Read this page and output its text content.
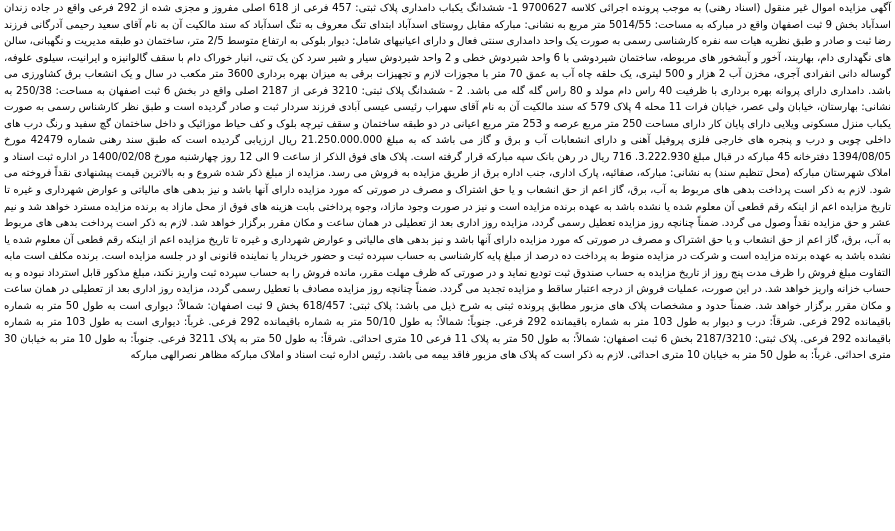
آگهی مزایده اموال غیر منقول (اسناد رهنی) به موجب پرونده اجرائی کلاسه 9700627 1- ششدانگ یکباب دامداری پلاک ثبتی: 457 فرعی از 618 اصلی مفروز و مجزی شده از 292 فرعی واقع در جاده زندان اسدآباد بخش 9 ثبت اصفهان واقع در مبارکه به مساحت: 5014/55 متر مربع به نشانی: مبارکه مقابل روستای اسدآباد ابتدای تنگ معروف به تنگ اسدآباد که سند مالکیت آن به نام آقای سعید رحیمی آدرگانی فرزند رضا ثبت و صادر و طبق نظریه هیات سه نفره کارشناسی رسمی به صورت یک واحد دامداری سنتی فعال و دارای اعیانیهای شامل: دیوار بلوکی به ارتفاع متوسط 2/5 متر، ساختمان دو طبقه مدیریت و نگهبانی، سالن های نگهداری دام، بهاربند، آخور و آبشخور های مربوطه، ساختمان شیردوشی با 6 واحد شیردوش خطی و 2 واحد شیردوش سیار و شیر سرد کن یک تنی، انبار خوراک دام با سقف گالوانیزه و ایرانیت، سیلوی علوفه، گوساله دانی انفرادی آجری، مخزن آب 2 هزار و 500 لیتری، یک حلقه چاه آب به عمق 70 متر با مجوزات لازم و تجهیزات برقی به میزان بهره برداری 3600 متر مکعب در سال و یک انشعاب برق کشاورزی می باشد. دامداری دارای پروانه بهره برداری با ظرفیت 40 راس دام مولد و 80 راس گله گله می باشد. 2 - ششدانگ پلاک ثبتی: 3210 فرعی از 2187 اصلی واقع در بخش 6 ثبت اصفهان به مساحت: 250/38 به نشانی: بهارستان، خیابان ولی عصر، خیابان فرات 11 محله 4 پلاک 579 که سند مالکیت آن به نام آقای سهراب رئیسی عیسی آبادی فرزند سردار ثبت و صادر گردیده است و طبق نظر کارشناس رسمی به صورت یکباب منزل مسکونی ویلایی دارای پایان کار دارای مساحت 250 متر مربع عرصه و 253 متر مربع اعیانی در دو طبقه ساختمان و سقف تیرچه بلوک و کف حیاط موزائیک و داخل ساختمان گچ سفید و رنگ درب های داخلی چوبی و درب و پنجره های خارجی فلزی پروفیل آهنی و دارای انشعابات آب و برق و گاز می باشد که به مبلغ 21.250.000.000 ریال ارزیابی گردیده است که طبق سند رهنی شماره 42479 مورخ 1394/08/05 دفترخانه 45 مبارکه در قبال مبلغ 3.222.930. 716 ریال در رهن بانک سپه مبارکه قرار گرفته است. پلاک های فوق الذکر از ساعت 9 الی 12 روز چهارشنبه مورخ 1400/02/08 در اداره ثبت اسناد و املاک شهرستان مبارکه (محل تنظیم سند) به نشانی: مبارکه، صفائیه، پارک اداری، جنب اداره برق از طریق مزایده به فروش می رسد. مزایده از مبلغ ذکر شده شروع و به بالاترین قیمت پیشنهادی نقداً فروخته می شود. لازم به ذکر است پرداخت بدهی های مربوط به آب، برق، گاز اعم از حق انشعاب و یا حق اشتراک و مصرف در صورتی که مورد مزایده دارای آنها باشد و نیز بدهی های مالیاتی و عوارض شهرداری و غیره تا تاریخ مزایده اعم از اینکه رقم قطعی آن معلوم شده یا نشده باشد به عهده برنده مزایده است و نیز در صورت وجود مازاد، وجوه پرداختی بابت هزینه های فوق از محل مازاد به برنده مزایده مسترد خواهد شد و نیم عشر و حق مزایده نقداً وصول می گردد. ضمناً چنانچه روز مزایده تعطیل رسمی گردد، مزایده روز اداری بعد از تعطیلی در همان ساعت و مکان مقرر برگزار خواهد شد. لازم به ذکر است پرداخت بدهی های مربوط به آب، برق، گاز اعم از حق انشعاب و یا حق اشتراک و مصرف در صورتی که مورد مزایده دارای آنها باشد و نیز بدهی های مالیاتی و عوارض شهرداری و غیره تا تاریخ مزایده اعم از اینکه رقم قطعی آن معلوم شده یا نشده باشد به عهده برنده مزایده است و شرکت در مزایده منوط به پرداخت ده درصد از مبلغ پایه کارشناسی به حساب سپرده ثبت و حضور خریدار یا نماینده قانونی او در جلسه مزایده است. برنده مکلف است مابه التفاوت مبلغ فروش را ظرف مدت پنج روز از تاریخ مزایده به حساب صندوق ثبت تودیع نماید و در صورتی که ظرف مهلت مقرر، مانده فروش را به حساب سپرده ثبت واریز نکند، مبلغ مذکور قابل استرداد نبوده و به حساب خزانه واریز خواهد شد. در این صورت، عملیات فروش از درجه اعتبار ساقط و مزایده تجدید می گردد. ضمناً چنانچه روز مزایده مصادف با تعطیل رسمی گردد، مزایده روز اداری بعد از تعطیلی در همان ساعت و مکان مقرر برگزار خواهد شد. ضمناً حدود و مشخصات پلاک های مزبور مطابق پرونده ثبتی به شرح ذیل می باشد: پلاک ثبتی: 618/457 بخش 9 ثبت اصفهان: شمالاً: دیواری است به طول 50 متر به شماره باقیمانده 292 فرعی. شرقاً: درب و دیوار به طول 103 متر به شماره باقیمانده 292 فرعی. جنوباً: شمالاً: به طول 50/10 متر به شماره باقیمانده 292 فرعی. غرباً: دیواری است به طول 103 متر به شماره باقیمانده 292 فرعی. پلاک ثبتی: 2187/3210 بخش 6 ثبت اصفهان: شمالاً: به طول 50 متر به پلاک 11 فرعی 10 متری احداثی. شرقاً: به طول 50 متر به پلاک 3211 فرعی. جنوباً: به طول 10 متر به خیابان 30 متری احداثی. غرباً: به طول 50 متر به خیابان 10 متری احداثی. لازم به ذکر است که پلاک های مزبور فاقد بیمه می باشد. رئیس اداره ثبت اسناد و املاک مبارکه مظاهر نصرالهی مبارکه
